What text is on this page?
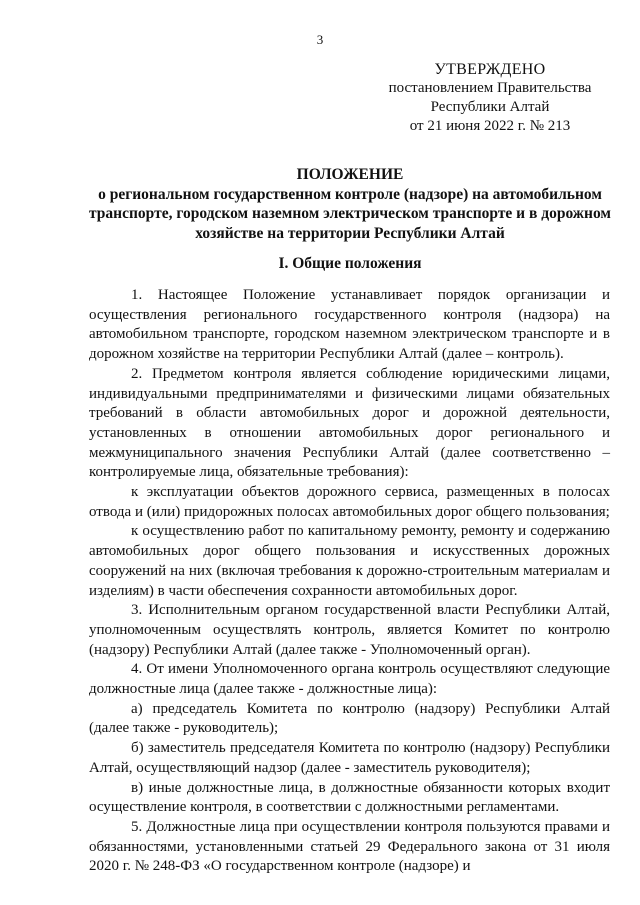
3
УТВЕРЖДЕНО
постановлением Правительства
Республики Алтай
от 21 июня 2022 г. № 213
ПОЛОЖЕНИЕ
о региональном государственном контроле (надзоре) на автомобильном
транспорте, городском наземном электрическом транспорте и в дорожном
хозяйстве на территории Республики Алтай
I. Общие положения

1. Настоящее Положение устанавливает порядок организации и осуществления регионального государственного контроля (надзора) на автомобильном транспорте, городском наземном электрическом транспорте и в дорожном хозяйстве на территории Республики Алтай (далее – контроль).

2. Предметом контроля является соблюдение юридическими лицами, индивидуальными предпринимателями и физическими лицами обязательных требований в области автомобильных дорог и дорожной деятельности, установленных в отношении автомобильных дорог регионального и межмуниципального значения Республики Алтай (далее соответственно – контролируемые лица, обязательные требования):

к эксплуатации объектов дорожного сервиса, размещенных в полосах отвода и (или) придорожных полосах автомобильных дорог общего пользования;

к осуществлению работ по капитальному ремонту, ремонту и содержанию автомобильных дорог общего пользования и искусственных дорожных сооружений на них (включая требования к дорожно-строительным материалам и изделиям) в части обеспечения сохранности автомобильных дорог.

3. Исполнительным органом государственной власти Республики Алтай, уполномоченным осуществлять контроль, является Комитет по контролю (надзору) Республики Алтай (далее также - Уполномоченный орган).

4. От имени Уполномоченного органа контроль осуществляют следующие должностные лица (далее также - должностные лица):

а) председатель Комитета по контролю (надзору) Республики Алтай (далее также - руководитель);

б) заместитель председателя Комитета по контролю (надзору) Республики Алтай, осуществляющий надзор (далее - заместитель руководителя);

в) иные должностные лица, в должностные обязанности которых входит осуществление контроля, в соответствии с должностными регламентами.

5. Должностные лица при осуществлении контроля пользуются правами и обязанностями, установленными статьей 29 Федерального закона от 31 июля 2020 г. № 248-ФЗ «О государственном контроле (надзоре) и
